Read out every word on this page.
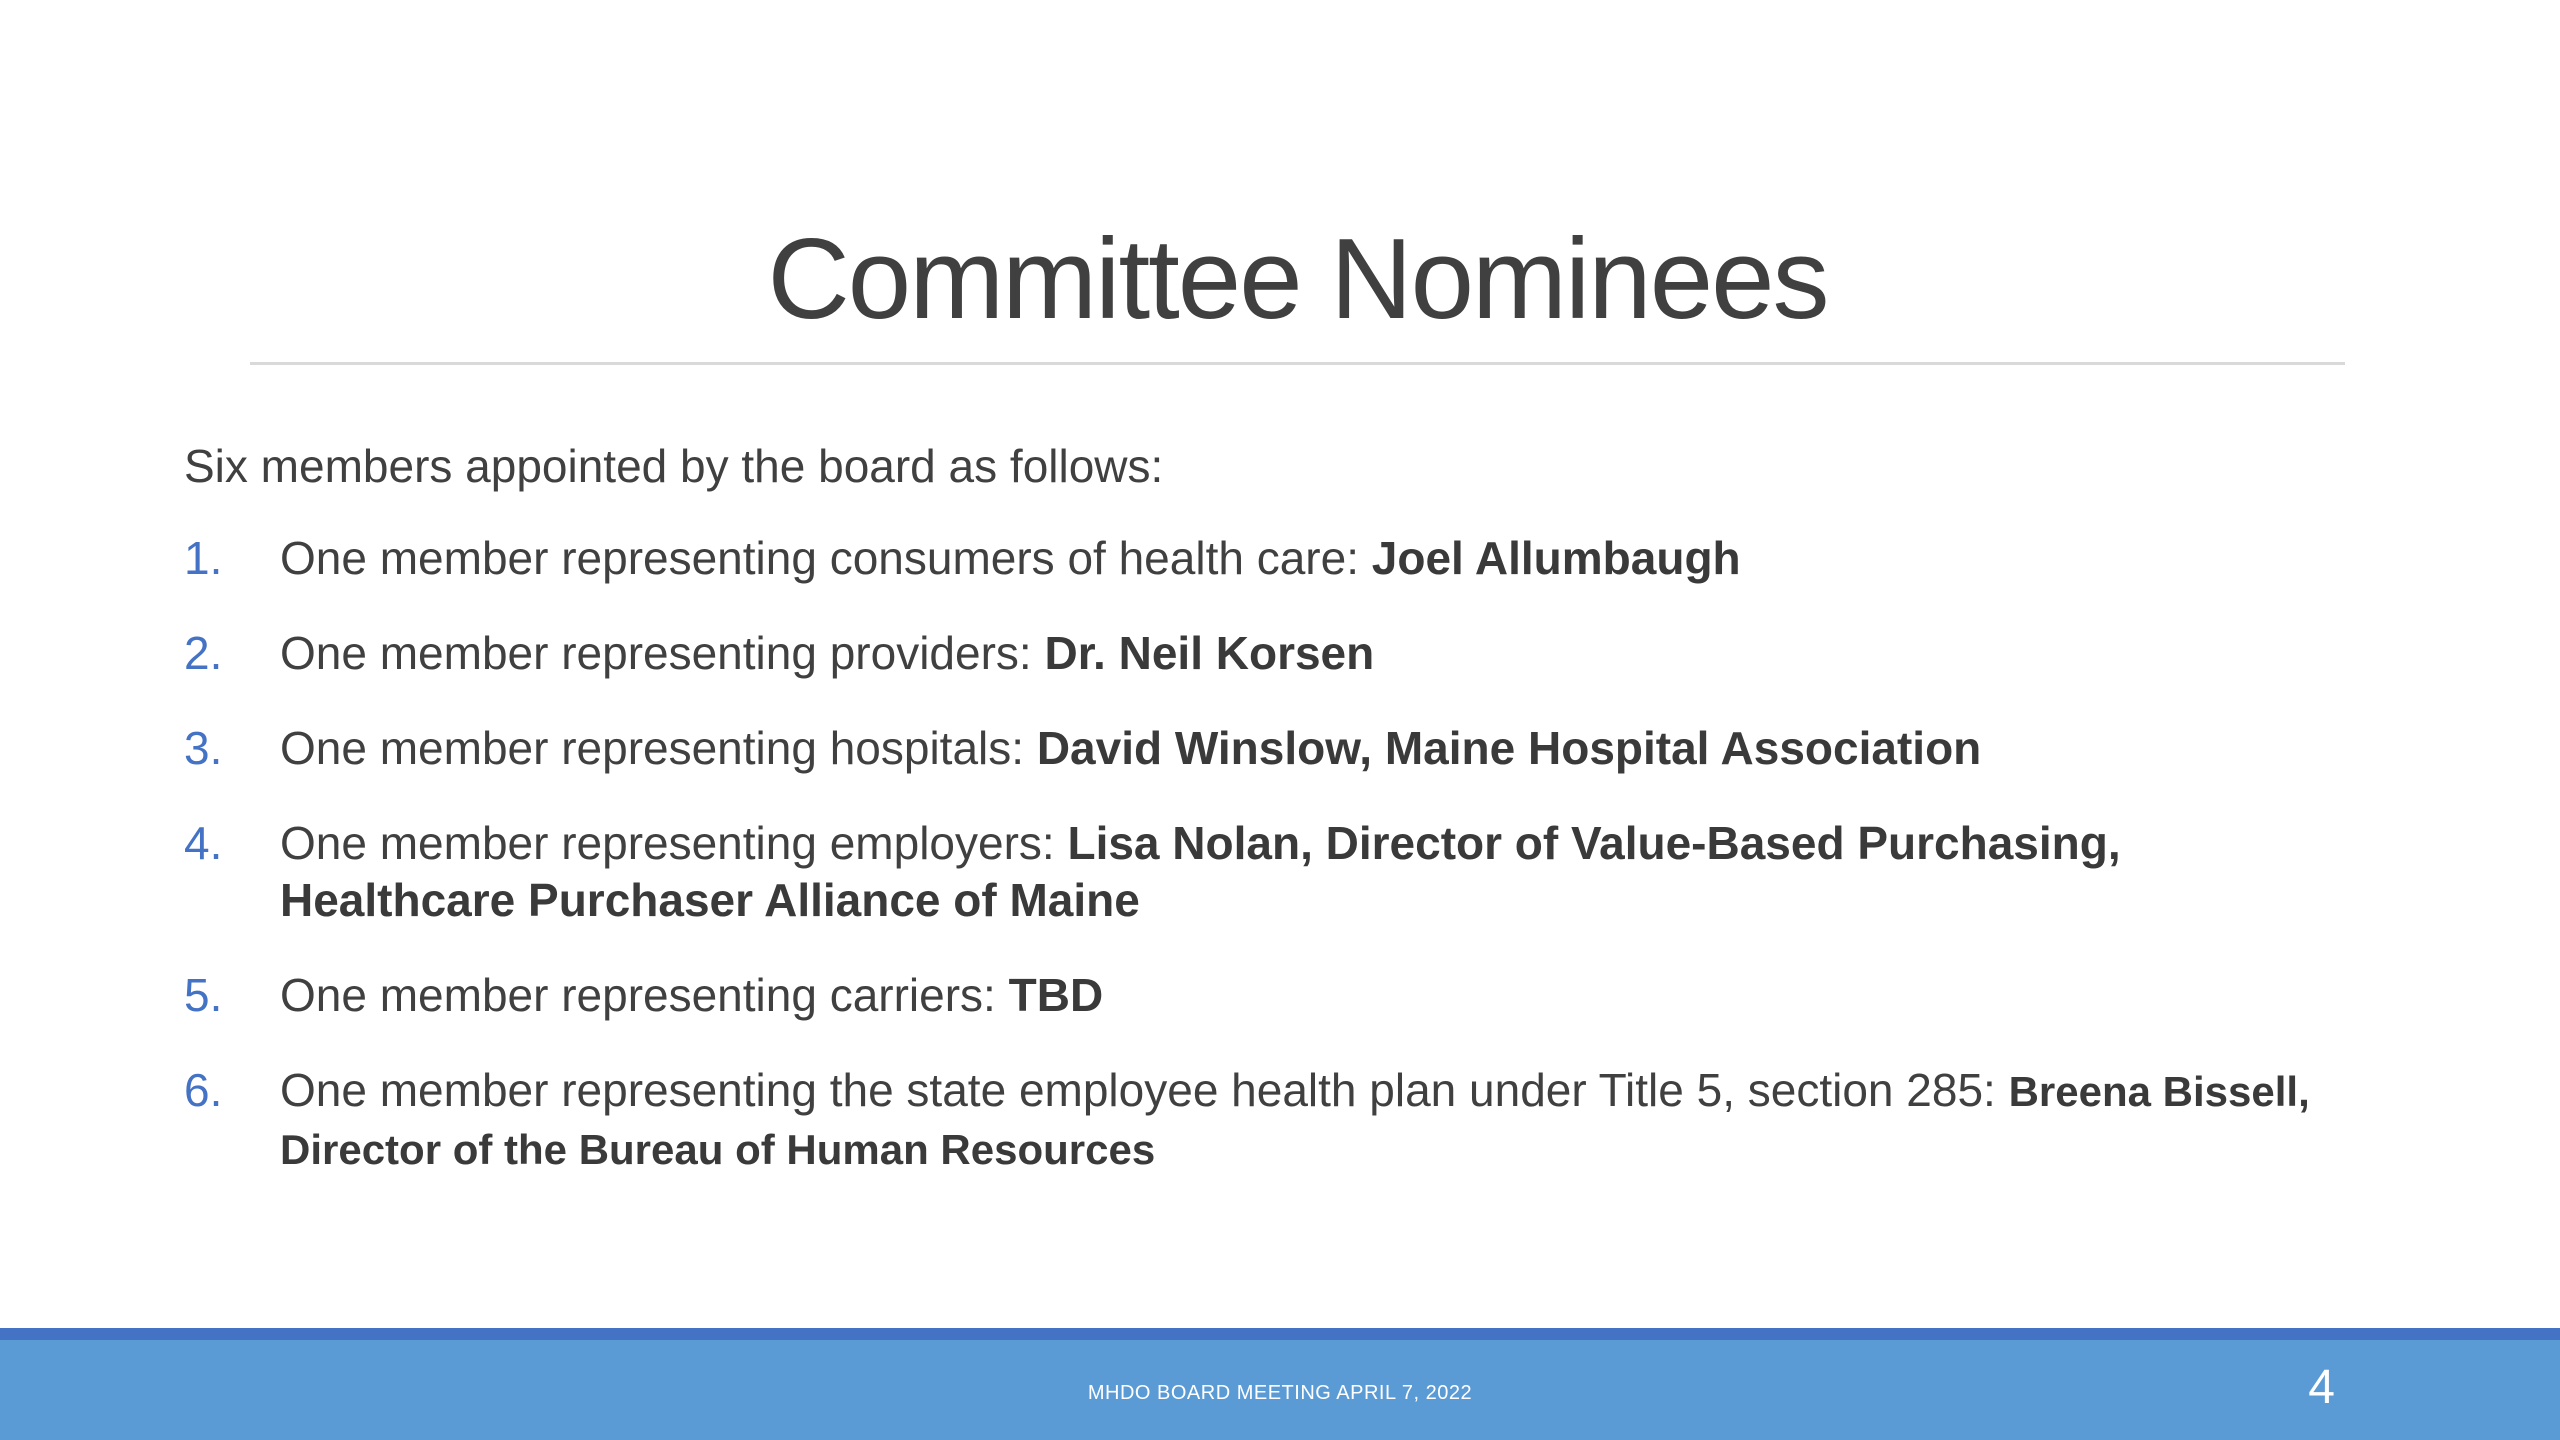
Committee Nominees
Six members appointed by the board as follows:
1. One member representing consumers of health care: Joel Allumbaugh
2. One member representing providers: Dr. Neil Korsen
3. One member representing hospitals: David Winslow, Maine Hospital Association
4. One member representing employers: Lisa Nolan, Director of Value-Based Purchasing, Healthcare Purchaser Alliance of Maine
5. One member representing carriers: TBD
6. One member representing the state employee health plan under Title 5, section 285: Breena Bissell, Director of the Bureau of Human Resources
MHDO BOARD MEETING APRIL 7, 2022	4
